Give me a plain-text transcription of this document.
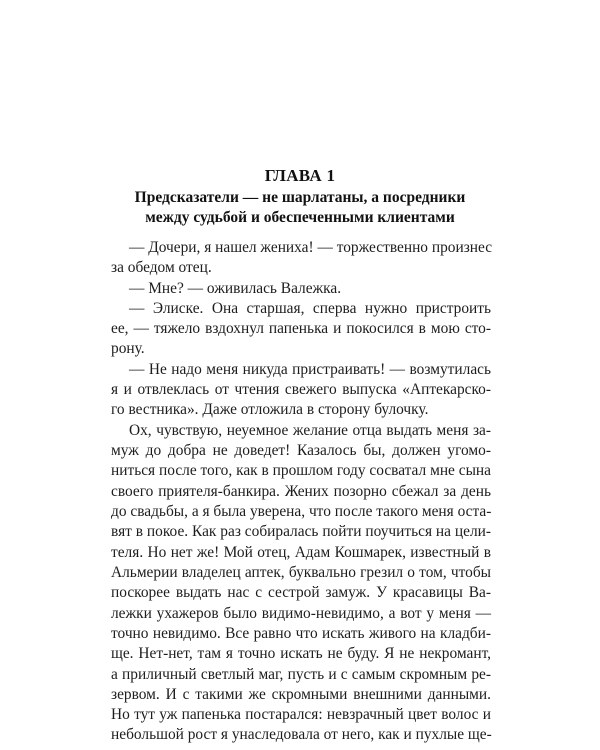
ГЛАВА 1
Предсказатели — не шарлатаны, а посредники
между судьбой и обеспеченными клиентами
— Дочери, я нашел жениха! — торжественно произнес
за обедом отец.
— Мне? — оживилась Валежка.
— Элиске. Она старшая, сперва нужно пристроить
ее, — тяжело вздохнул папенька и покосился в мою сто-
рону.
— Не надо меня никуда пристраивать! — возмутилась
я и отвлеклась от чтения свежего выпуска «Аптекарско-
го вестника». Даже отложила в сторону булочку.
Ох, чувствую, неуемное желание отца выдать меня за-
муж до добра не доведет! Казалось бы, должен угомо-
ниться после того, как в прошлом году сосватал мне сына
своего приятеля-банкира. Жених позорно сбежал за день
до свадьбы, а я была уверена, что после такого меня оста-
вят в покое. Как раз собиралась пойти поучиться на цели-
теля. Но нет же! Мой отец, Адам Кошмарек, известный в
Альмерии владелец аптек, буквально грезил о том, чтобы
поскорее выдать нас с сестрой замуж. У красавицы Ва-
лежки ухажеров было видимо-невидимо, а вот у меня —
точно невидимо. Все равно что искать живого на кладби-
ще. Нет-нет, там я точно искать не буду. Я не некромант,
а приличный светлый маг, пусть и с самым скромным ре-
зервом. И с такими же скромными внешними данными.
Но тут уж папенька постарался: невзрачный цвет волос и
небольшой рост я унаследовала от него, как и пухлые ще-
